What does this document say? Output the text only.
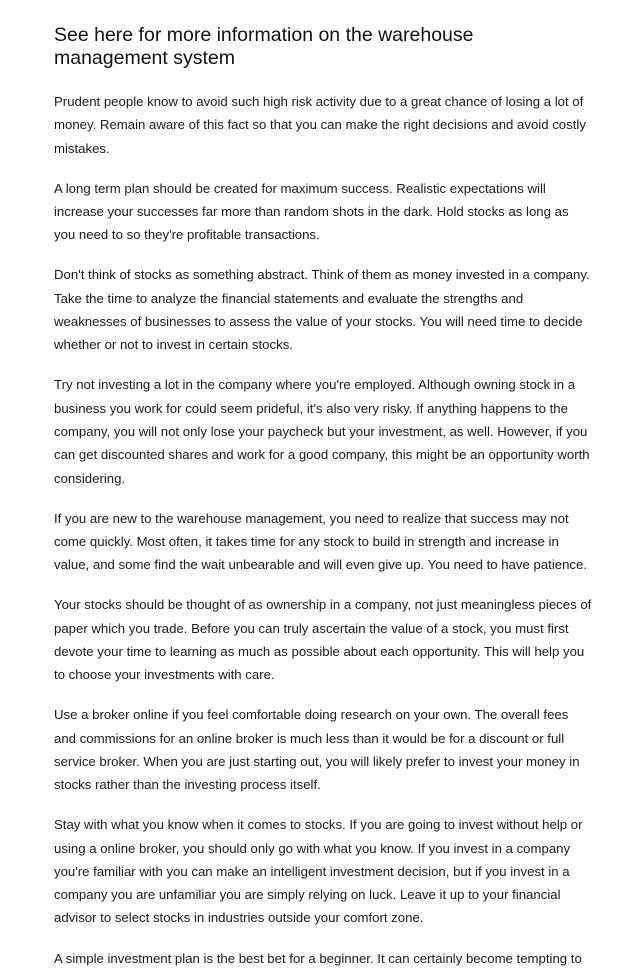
See here for more information on the warehouse management system

Prudent people know to avoid such high risk activity due to a great chance of losing a lot of money. Remain aware of this fact so that you can make the right decisions and avoid costly mistakes.

A long term plan should be created for maximum success. Realistic expectations will increase your successes far more than random shots in the dark. Hold stocks as long as you need to so they're profitable transactions.

Don't think of stocks as something abstract. Think of them as money invested in a company. Take the time to analyze the financial statements and evaluate the strengths and weaknesses of businesses to assess the value of your stocks. You will need time to decide whether or not to invest in certain stocks.

Try not investing a lot in the company where you're employed. Although owning stock in a business you work for could seem prideful, it's also very risky. If anything happens to the company, you will not only lose your paycheck but your investment, as well. However, if you can get discounted shares and work for a good company, this might be an opportunity worth considering.

If you are new to the warehouse management, you need to realize that success may not come quickly. Most often, it takes time for any stock to build in strength and increase in value, and some find the wait unbearable and will even give up. You need to have patience.

Your stocks should be thought of as ownership in a company, not just meaningless pieces of paper which you trade. Before you can truly ascertain the value of a stock, you must first devote your time to learning as much as possible about each opportunity. This will help you to choose your investments with care.

Use a broker online if you feel comfortable doing research on your own. The overall fees and commissions for an online broker is much less than it would be for a discount or full service broker. When you are just starting out, you will likely prefer to invest your money in stocks rather than the investing process itself.

Stay with what you know when it comes to stocks. If you are going to invest without help or using a online broker, you should only go with what you know. If you invest in a company you're familiar with you can make an intelligent investment decision, but if you invest in a company you are unfamiliar you are simply relying on luck. Leave it up to your financial advisor to select stocks in industries outside your comfort zone.

A simple investment plan is the best bet for a beginner. It can certainly become tempting to
